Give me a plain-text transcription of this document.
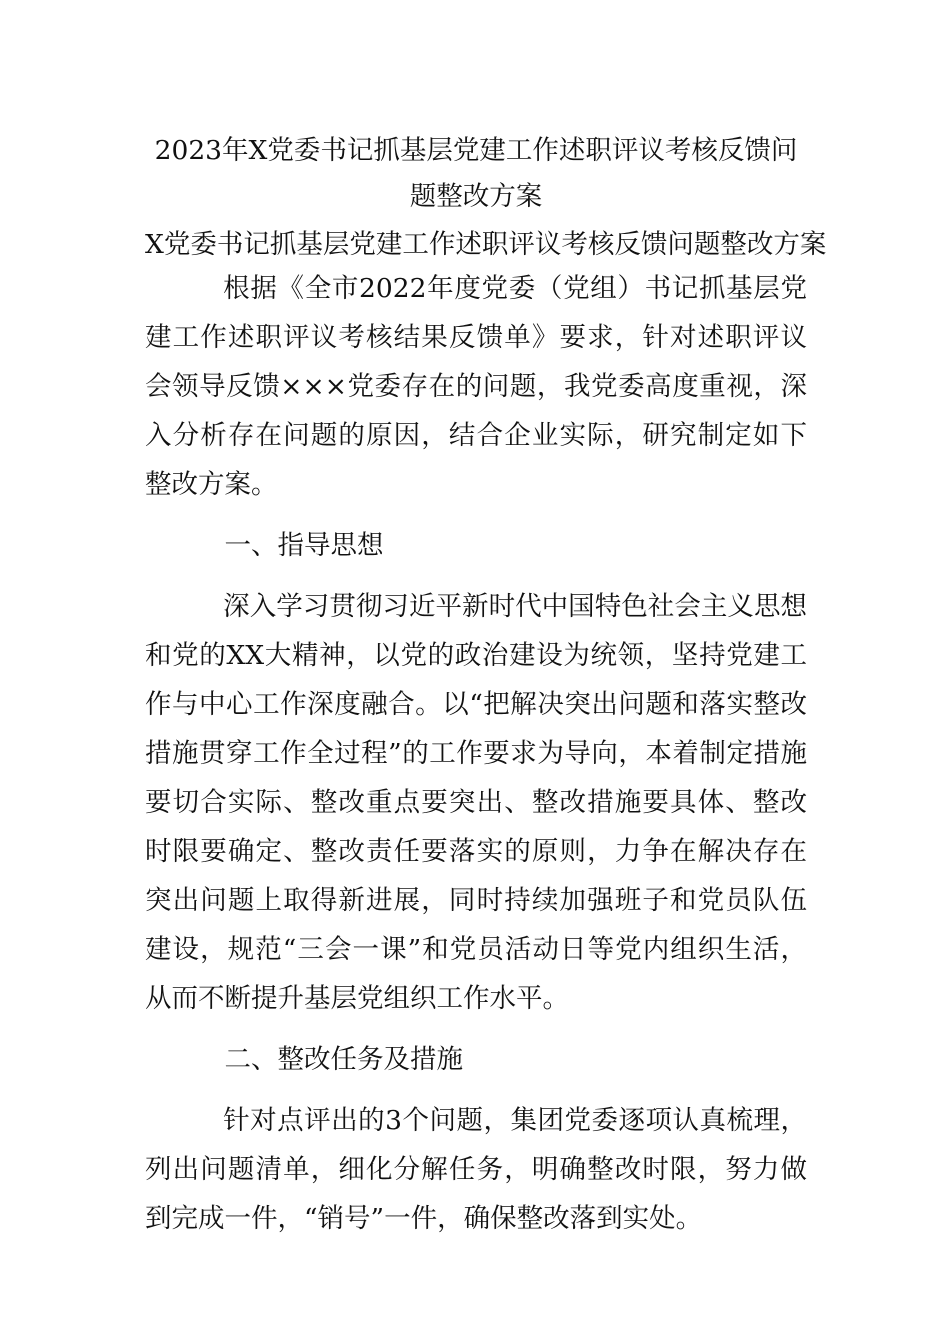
2023年X党委书记抓基层党建工作述职评议考核反馈问题整改方案

X党委书记抓基层党建工作述职评议考核反馈问题整改方案

根据《全市2022年度党委（党组）书记抓基层党建工作述职评议考核结果反馈单》要求，针对述职评议会领导反馈×××党委存在的问题，我党委高度重视，深入分析存在问题的原因，结合企业实际，研究制定如下整改方案。

一、指导思想

深入学习贯彻习近平新时代中国特色社会主义思想和党的XX大精神，以党的政治建设为统领，坚持党建工作与中心工作深度融合。以“把解决突出问题和落实整改措施贯穿工作全过程”的工作要求为导向，本着制定措施要切合实际、整改重点要突出、整改措施要具体、整改时限要确定、整改责任要落实的原则，力争在解决存在突出问题上取得新进展，同时持续加强班子和党员队伍建设，规范“三会一课”和党员活动日等党内组织生活，从而不断提升基层党组织工作水平。

二、整改任务及措施

针对点评出的3个问题，集团党委逐项认真梳理，列出问题清单，细化分解任务，明确整改时限，努力做到完成一件，“销号”一件，确保整改落到实处。
